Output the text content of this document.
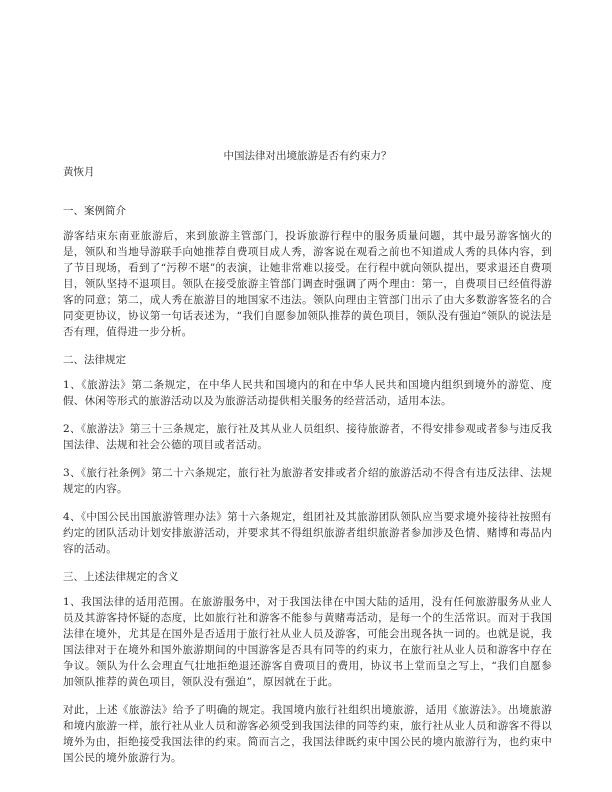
中国法律对出境旅游是否有约束力？
黄恢月
一、案例简介

游客结束东南亚旅游后，来到旅游主管部门，投诉旅游行程中的服务质量问题，其中最另游客恼火的是，领队和当地导游联手向她推荐自费项目成人秀，游客说在观看之前也不知道成人秀的具体内容，到了节目现场，看到了“污秽不堪”的表演，让她非常难以接受。在行程中就向领队提出，要求退还自费项目，领队坚持不退项目。领队在接受旅游主管部门调查时强调了两个理由：第一，自费项目已经值得游客的同意；第二，成人秀在旅游目的地国家不违法。领队向理由主管部门出示了由大多数游客签名的合同变更协议，协议第一句话表述为，“我们自愿参加领队推荐的黄色项目，领队没有强迫”领队的说法是否有理，值得进一步分析。

二、法律规定

1、《旅游法》第二条规定，在中华人民共和国境内的和在中华人民共和国境内组织到境外的游览、度假、休闲等形式的旅游活动以及为旅游活动提供相关服务的经营活动，适用本法。

2、《旅游法》第三十三条规定，旅行社及其从业人员组织、接待旅游者，不得安排参观或者参与违反我国法律、法规和社会公德的项目或者活动。

3、《旅行社条例》第二十六条规定，旅行社为旅游者安排或者介绍的旅游活动不得含有违反法律、法规规定的内容。

4、《中国公民出国旅游管理办法》第十六条规定，组团社及其旅游团队领队应当要求境外接待社按照有约定的团队活动计划安排旅游活动，并要求其不得组织旅游者组织旅游者参加涉及色情、赌博和毒品内容的活动。

三、上述法律规定的含义

1、我国法律的适用范围。在旅游服务中，对于我国法律在中国大陆的适用，没有任何旅游服务从业人员及其游客持怀疑的态度，比如旅行社和游客不能参与黄赌毒活动，是每一个的生活常识。而对于我国法律在境外，尤其是在国外是否适用于旅行社从业人员及游客，可能会出现各执一词的。也就是说，我国法律对于在境外和国外旅游期间的中国游客是否具有同等的约束力，在旅行社从业人员和游客中存在争议。领队为什么会理直气壮地拒绝退还游客自费项目的费用，协议书上堂而皇之写上，“我们自愿参加领队推荐的黄色项目，领队没有强迫”，原因就在于此。

对此，上述《旅游法》给予了明确的规定。我国境内旅行社组织出境旅游，适用《旅游法》。出境旅游和境内旅游一样，旅行社从业人员和游客必须受到我国法律的同等约束，旅行社从业人员和游客不得以境外为由，拒绝接受我国法律的约束。简而言之，我国法律既约束中国公民的境内旅游行为，也约束中国公民的境外旅游行为。
